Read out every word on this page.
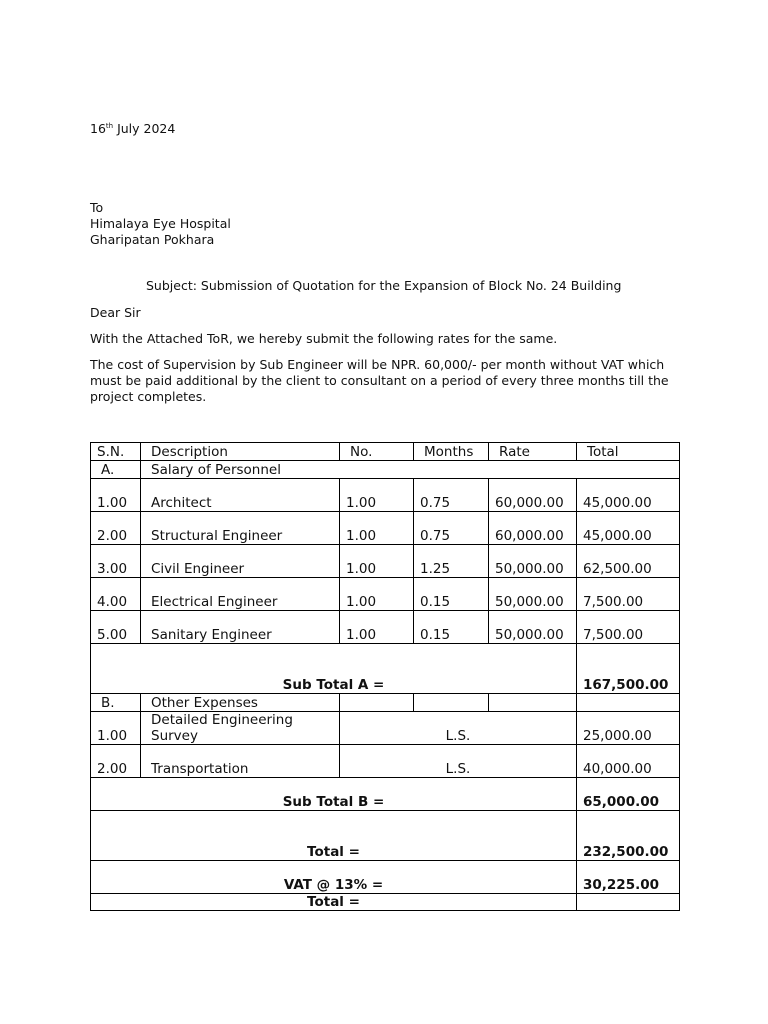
16th July 2024
To
Himalaya Eye Hospital
Gharipatan Pokhara
Subject: Submission of Quotation for the Expansion of Block No. 24 Building
Dear Sir
With the Attached ToR, we hereby submit the following rates for the same.
The cost of Supervision by Sub Engineer will be NPR. 60,000/- per month without VAT which must be paid additional by the client to consultant on a period of every three months till the project completes.
S.N.	Description	No.	Months	Rate	Total
A.	Salary of Personnel				
1.00	Architect	1.00	0.75	60,000.00	45,000.00
2.00	Structural Engineer	1.00	0.75	60,000.00	45,000.00
3.00	Civil Engineer	1.00	1.25	50,000.00	62,500.00
4.00	Electrical Engineer	1.00	0.15	50,000.00	7,500.00
5.00	Sanitary Engineer	1.00	0.15	50,000.00	7,500.00
Sub Total A =					167,500.00
B.	Other Expenses				
1.00	Detailed Engineering Survey	L.S.			25,000.00
2.00	Transportation	L.S.			40,000.00
Sub Total B =					65,000.00
Total =					232,500.00
VAT @ 13% =					30,225.00
Total =					
